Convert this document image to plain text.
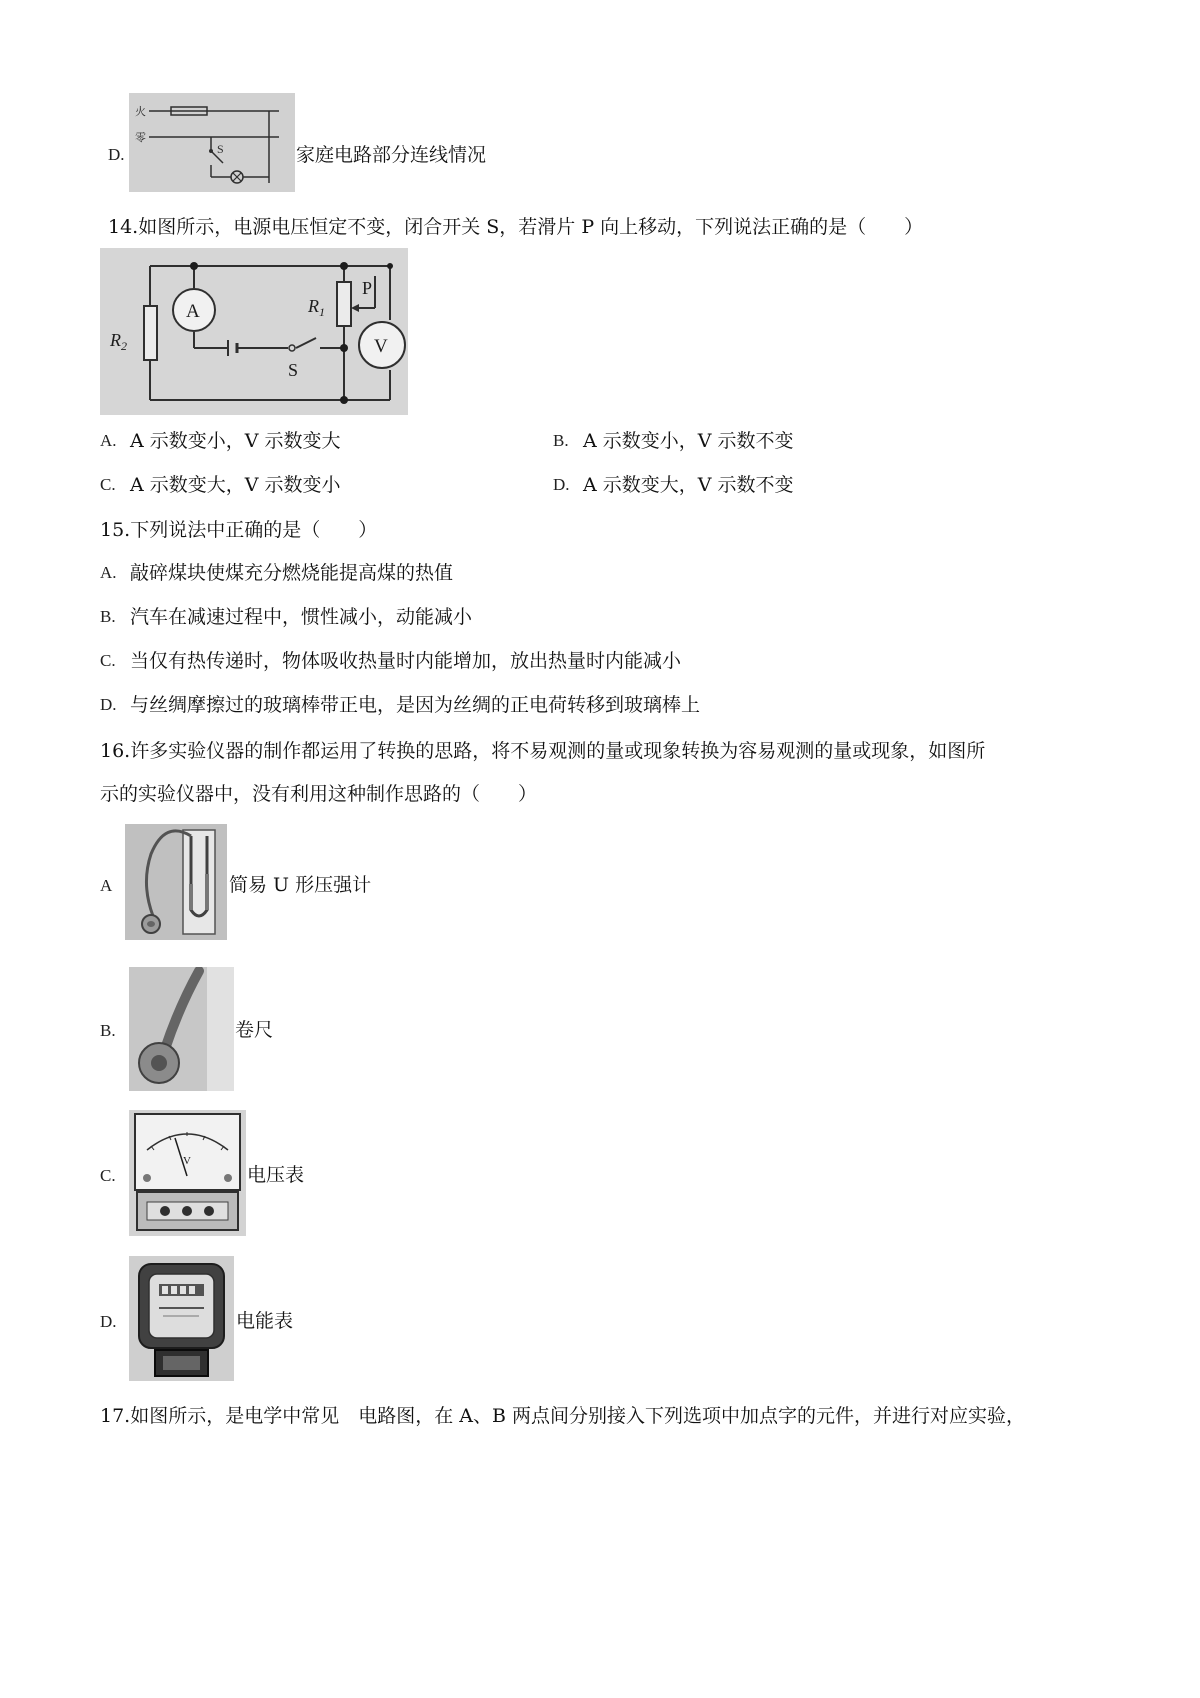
D.
火
零
S	家庭电路部分连线情况
14.如图所示，电源电压恒定不变，闭合开关 S，若滑片 P 向上移动，下列说法正确的是（　　）
A
V
P
S
$R_2$
$R_1$
A. A 示数变小，V 示数变大	B. A 示数变小，V 示数不变
C. A 示数变大，V 示数变小	D. A 示数变大，V 示数不变
15.下列说法中正确的是（　　）
A. 敲碎煤块使煤充分燃烧能提高煤的热值
B. 汽车在减速过程中，惯性减小，动能减小
C. 当仅有热传递时，物体吸收热量时内能增加，放出热量时内能减小
D. 与丝绸摩擦过的玻璃棒带正电，是因为丝绸的正电荷转移到玻璃棒上
16.许多实验仪器的制作都运用了转换的思路，将不易观测的量或现象转换为容易观测的量或现象，如图所
示的实验仪器中，没有利用这种制作思路的（　　）
A	简易 U 形压强计
B.	卷尺
C.
V
电压表
D.	电能表
17.如图所示，是电学中常见　电路图，在 A、B 两点间分别接入下列选项中加点字的元件，并进行对应实验，
